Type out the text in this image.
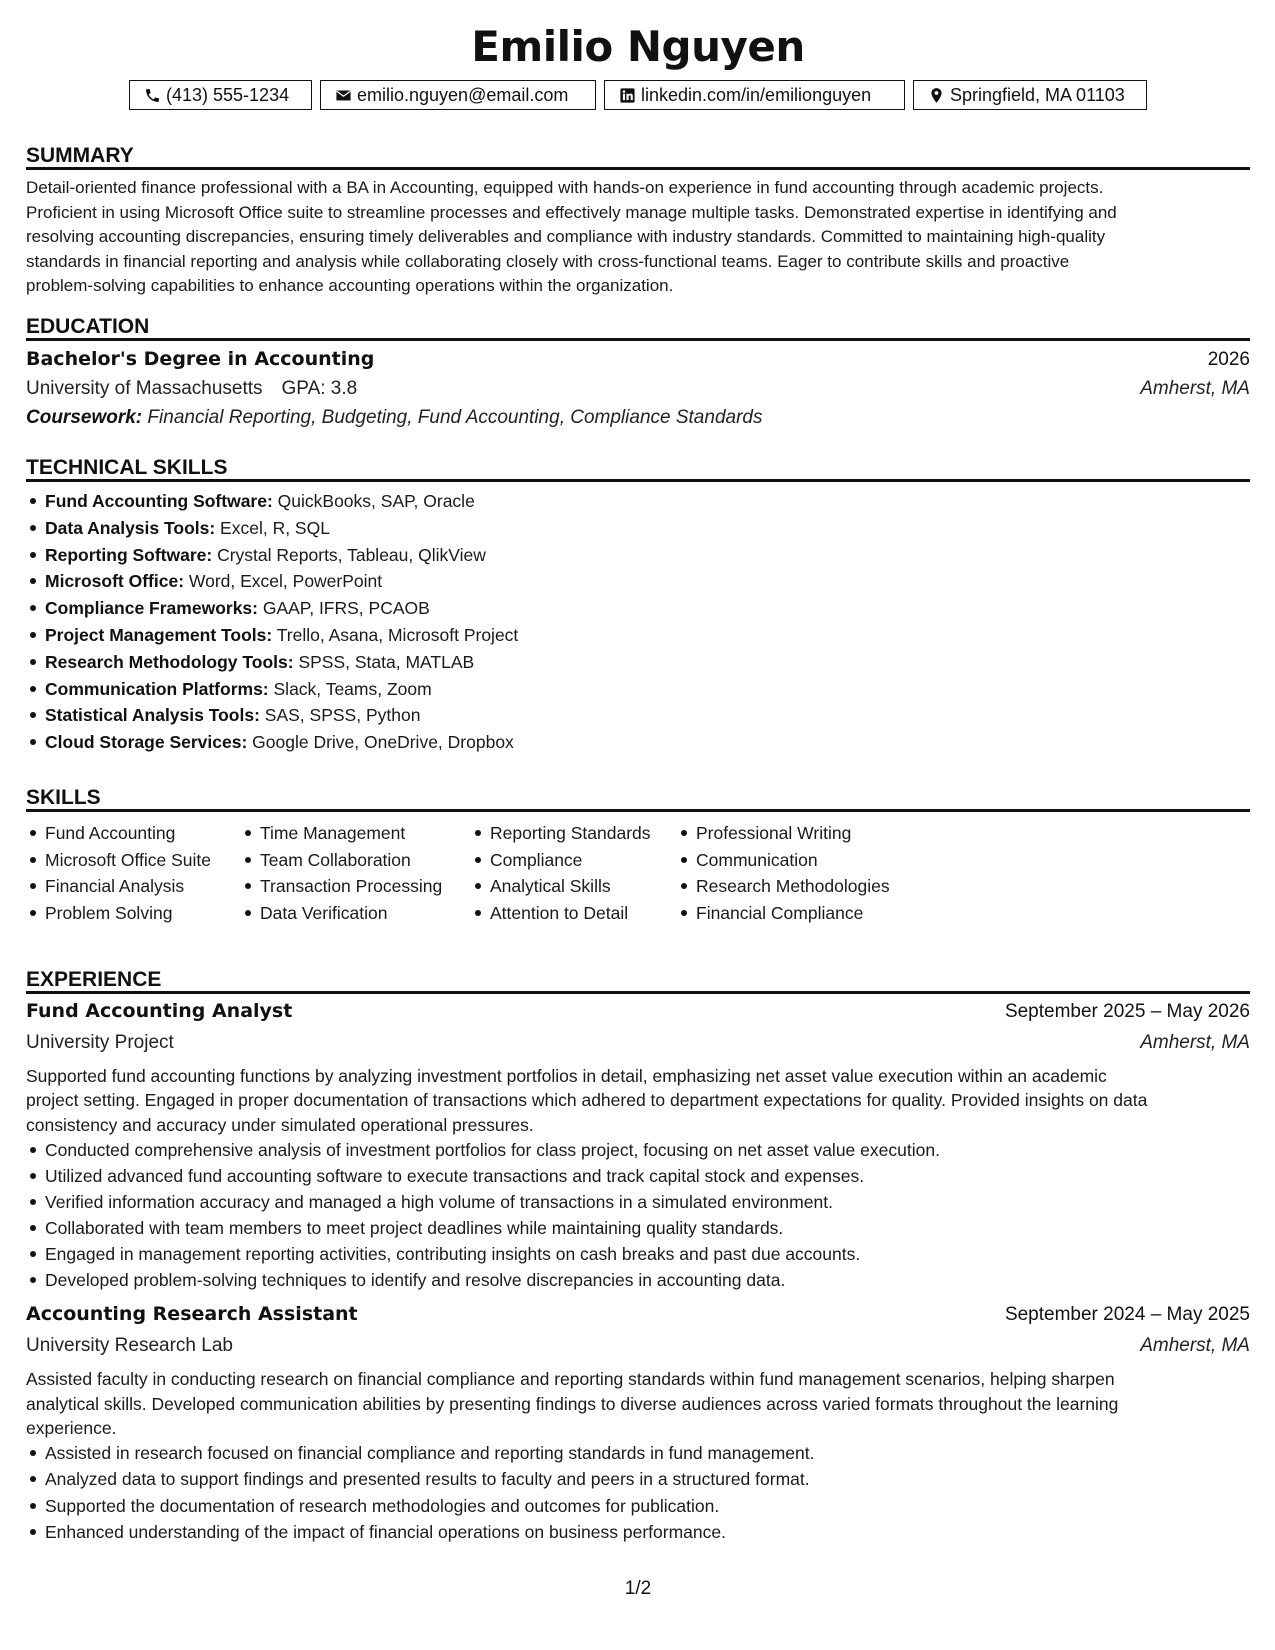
Emilio Nguyen
(413) 555-1234	emilio.nguyen@email.com	linkedin.com/in/emilionguyen	Springfield, MA 01103
SUMMARY
Detail-oriented finance professional with a BA in Accounting, equipped with hands-on experience in fund accounting through academic projects.
Proficient in using Microsoft Office suite to streamline processes and effectively manage multiple tasks. Demonstrated expertise in identifying and
resolving accounting discrepancies, ensuring timely deliverables and compliance with industry standards. Committed to maintaining high-quality
standards in financial reporting and analysis while collaborating closely with cross-functional teams. Eager to contribute skills and proactive
problem-solving capabilities to enhance accounting operations within the organization.
EDUCATION
Bachelor's Degree in Accounting	2026
University of Massachusetts GPA: 3.8	Amherst, MA
Coursework: Financial Reporting, Budgeting, Fund Accounting, Compliance Standards
TECHNICAL SKILLS
Fund Accounting Software: QuickBooks, SAP, Oracle
Data Analysis Tools: Excel, R, SQL
Reporting Software: Crystal Reports, Tableau, QlikView
Microsoft Office: Word, Excel, PowerPoint
Compliance Frameworks: GAAP, IFRS, PCAOB
Project Management Tools: Trello, Asana, Microsoft Project
Research Methodology Tools: SPSS, Stata, MATLAB
Communication Platforms: Slack, Teams, Zoom
Statistical Analysis Tools: SAS, SPSS, Python
Cloud Storage Services: Google Drive, OneDrive, Dropbox
SKILLS
Fund Accounting
Microsoft Office Suite
Financial Analysis
Problem Solving
Time Management
Team Collaboration
Transaction Processing
Data Verification
Reporting Standards
Compliance
Analytical Skills
Attention to Detail
Professional Writing
Communication
Research Methodologies
Financial Compliance
EXPERIENCE
Fund Accounting Analyst	September 2025 – May 2026
University Project	Amherst, MA
Supported fund accounting functions by analyzing investment portfolios in detail, emphasizing net asset value execution within an academic
project setting. Engaged in proper documentation of transactions which adhered to department expectations for quality. Provided insights on data
consistency and accuracy under simulated operational pressures.
Conducted comprehensive analysis of investment portfolios for class project, focusing on net asset value execution.
Utilized advanced fund accounting software to execute transactions and track capital stock and expenses.
Verified information accuracy and managed a high volume of transactions in a simulated environment.
Collaborated with team members to meet project deadlines while maintaining quality standards.
Engaged in management reporting activities, contributing insights on cash breaks and past due accounts.
Developed problem-solving techniques to identify and resolve discrepancies in accounting data.
Accounting Research Assistant	September 2024 – May 2025
University Research Lab	Amherst, MA
Assisted faculty in conducting research on financial compliance and reporting standards within fund management scenarios, helping sharpen
analytical skills. Developed communication abilities by presenting findings to diverse audiences across varied formats throughout the learning
experience.
Assisted in research focused on financial compliance and reporting standards in fund management.
Analyzed data to support findings and presented results to faculty and peers in a structured format.
Supported the documentation of research methodologies and outcomes for publication.
Enhanced understanding of the impact of financial operations on business performance.
1/2
